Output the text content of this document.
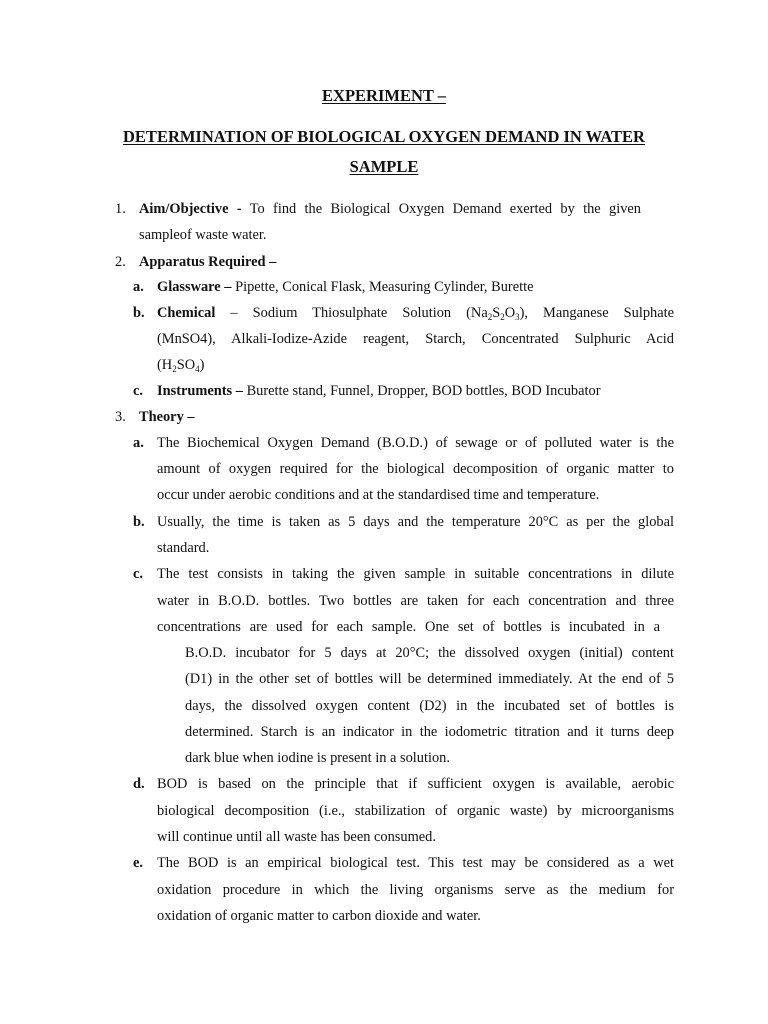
EXPERIMENT –
DETERMINATION OF BIOLOGICAL OXYGEN DEMAND IN WATER
SAMPLE
1. Aim/Objective - To find the Biological Oxygen Demand exerted by the given
sampleof waste water.
2. Apparatus Required –
a. Glassware – Pipette, Conical Flask, Measuring Cylinder, Burette
b. Chemical – Sodium Thiosulphate Solution $(Na_2S_2O_3)$, Manganese Sulphate
(MnSO4), Alkali-Iodize-Azide reagent, Starch, Concentrated Sulphuric Acid
$(H_2SO_4)$
c. Instruments – Burette stand, Funnel, Dropper, BOD bottles, BOD Incubator
3. Theory –
a. The Biochemical Oxygen Demand (B.O.D.) of sewage or of polluted water is the
amount of oxygen required for the biological decomposition of organic matter to
occur under aerobic conditions and at the standardised time and temperature.
b. Usually, the time is taken as 5 days and the temperature 20°C as per the global
standard.
c. The test consists in taking the given sample in suitable concentrations in dilute
water in B.O.D. bottles. Two bottles are taken for each concentration and three
concentrations are used for each sample. One set of bottles is incubated in a
B.O.D. incubator for 5 days at 20°C; the dissolved oxygen (initial) content
(D1) in the other set of bottles will be determined immediately. At the end of 5
days, the dissolved oxygen content (D2) in the incubated set of bottles is
determined. Starch is an indicator in the iodometric titration and it turns deep
dark blue when iodine is present in a solution.
d. BOD is based on the principle that if sufficient oxygen is available, aerobic
biological decomposition (i.e., stabilization of organic waste) by microorganisms
will continue until all waste has been consumed.
e. The BOD is an empirical biological test. This test may be considered as a wet
oxidation procedure in which the living organisms serve as the medium for
oxidation of organic matter to carbon dioxide and water.
